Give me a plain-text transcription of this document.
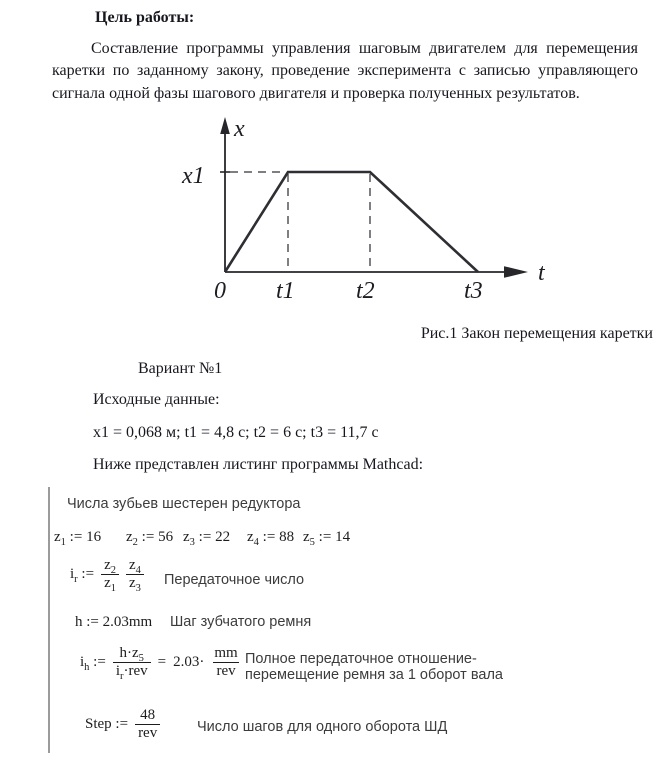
Цель работы:
Составление программы управления шаговым двигателем для перемещения каретки по заданному закону, проведение эксперимента с записью управляющего сигнала одной фазы шагового двигателя и проверка полученных результатов.
x
x1
0 t1	t2	t3
t
Рис.1 Закон перемещения каретки
Вариант №1
Исходные данные:
x1 = 0,068 м; t1 = 4,8 с; t2 = 6 с; t3 = 11,7 с
Ниже представлен листинг программы Mathcad:
Числа зубьев шестерен редуктора
$z_1$ := 16 $z_2$ := 56 $z_3$ := 22 $z_4$ := 88 $z_5$ := 14
$i_r$ := $\frac{z_2}{z_1} \frac{z_4}{z_3}$ Передаточное число
h := 2.03mm Шаг зубчатого ремня
$i_h$ := $\frac{h\cdot z_5}{i_r\cdot rev} = 2.03\cdot \frac{mm}{\text{rev}}$ Полное передаточное отношение-
перемещение ремня за 1 оборот вала
Step := $\frac{48}{\text{rev}}$	Число шагов для одного оборота ШД
